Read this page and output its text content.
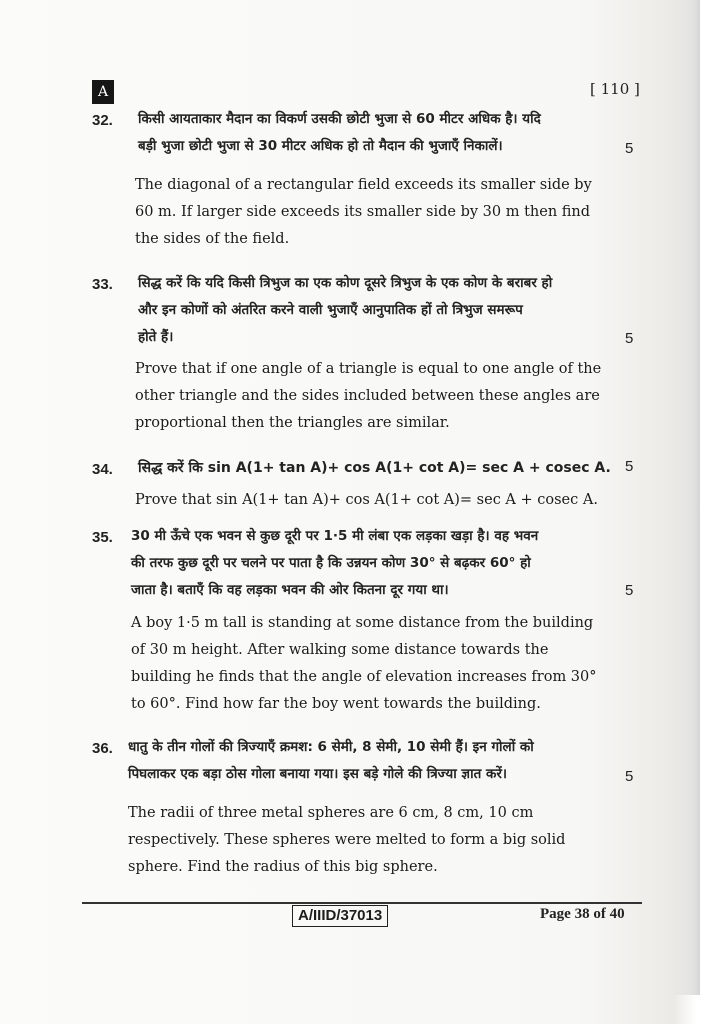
A	[ 110 ]
32. किसी आयताकार मैदान का विकर्ण उसकी छोटी भुजा से 60 मीटर अधिक है। यदि
बड़ी भुजा छोटी भुजा से 30 मीटर अधिक हो तो मैदान की भुजाएँ निकालें।	5
The diagonal of a rectangular field exceeds its smaller side by
60 m. If larger side exceeds its smaller side by 30 m then find
the sides of the field.
33. सिद्ध करें कि यदि किसी त्रिभुज का एक कोण दूसरे त्रिभुज के एक कोण के बराबर हो
और इन कोणों को अंतरित करने वाली भुजाएँ आनुपातिक हों तो त्रिभुज समरूप
होते हैं।	5
Prove that if one angle of a triangle is equal to one angle of the
other triangle and the sides included between these angles are
proportional then the triangles are similar.
34. सिद्ध करें कि sin A(1+ tan A)+ cos A(1+ cot A)= sec A + cosec A. 5
Prove that sin A(1+ tan A)+ cos A(1+ cot A)= sec A + cosec A.
35. 30 मी ऊँचे एक भवन से कुछ दूरी पर 1·5 मी लंबा एक लड़का खड़ा है। वह भवन
की तरफ कुछ दूरी पर चलने पर पाता है कि उन्नयन कोण 30° से बढ़कर 60° हो
जाता है। बताएँ कि वह लड़का भवन की ओर कितना दूर गया था।	5
A boy 1·5 m tall is standing at some distance from the building
of 30 m height. After walking some distance towards the
building he finds that the angle of elevation increases from 30°
to 60°. Find how far the boy went towards the building.
36. धातु के तीन गोलों की त्रिज्याएँ क्रमश: 6 सेमी, 8 सेमी, 10 सेमी हैं। इन गोलों को
पिघलाकर एक बड़ा ठोस गोला बनाया गया। इस बड़े गोले की त्रिज्या ज्ञात करें।	5
The radii of three metal spheres are 6 cm, 8 cm, 10 cm
respectively. These spheres were melted to form a big solid
sphere. Find the radius of this big sphere.
A/IIID/37013	Page 38 of 40
